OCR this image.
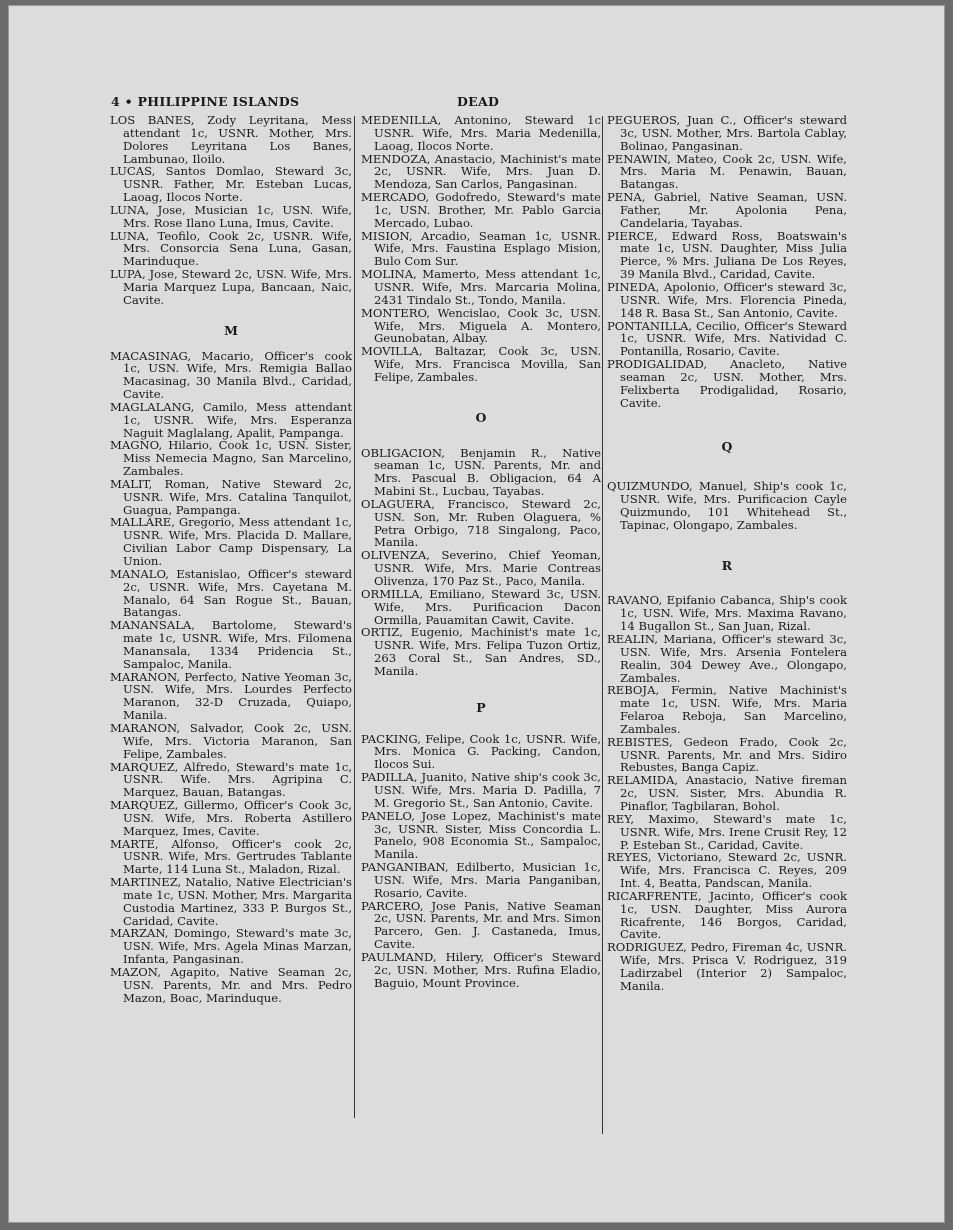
4 • PHILIPPINE ISLANDS	DEAD

LOS BANES, Zody Leyritana, Mess attendant 1c, USNR. Mother, Mrs. Dolores Leyritana Los Banes, Lambunao, Iloilo.

LUCAS, Santos Domlao, Steward 3c, USNR. Father, Mr. Esteban Lucas, Laoag, Ilocos Norte.

LUNA, Jose, Musician 1c, USN. Wife, Mrs. Rose Ilano Luna, Imus, Cavite.

LUNA, Teofilo, Cook 2c, USNR. Wife, Mrs. Consorcia Sena Luna, Gasan, Marinduque.

LUPA, Jose, Steward 2c, USN. Wife, Mrs. Maria Marquez Lupa, Bancaan, Naic, Cavite.

M

MACASINAG, Macario, Officer's cook 1c, USN. Wife, Mrs. Remigia Ballao Macasinag, 30 Manila Blvd., Caridad, Cavite.

MAGLALANG, Camilo, Mess attendant 1c, USNR. Wife, Mrs. Esperanza Naguit Maglalang, Apalit, Pampanga.

MAGNO, Hilario, Cook 1c, USN. Sister, Miss Nemecia Magno, San Marcelino, Zambales.

MALIT, Roman, Native Steward 2c, USNR. Wife, Mrs. Catalina Tanquilot, Guagua, Pampanga.

MALLARE, Gregorio, Mess attendant 1c, USNR. Wife, Mrs. Placida D. Mallare, Civilian Labor Camp Dispensary, La Union.

MANALO, Estanislao, Officer's steward 2c, USNR. Wife, Mrs. Cayetana M. Manalo, 64 San Rogue St., Bauan, Batangas.

MANANSALA, Bartolome, Steward's mate 1c, USNR. Wife, Mrs. Filomena Manansala, 1334 Pridencia St., Sampaloc, Manila.

MARANON, Perfecto, Native Yeoman 3c, USN. Wife, Mrs. Lourdes Perfecto Maranon, 32-D Cruzada, Quiapo, Manila.

MARANON, Salvador, Cook 2c, USN. Wife, Mrs. Victoria Maranon, San Felipe, Zambales.

MARQUEZ, Alfredo, Steward's mate 1c, USNR. Wife. Mrs. Agripina C. Marquez, Bauan, Batangas.

MARQUEZ, Gillermo, Officer's Cook 3c, USN. Wife, Mrs. Roberta Astillero Marquez, Imes, Cavite.

MARTE, Alfonso, Officer's cook 2c, USNR. Wife, Mrs. Gertrudes Tablante Marte, 114 Luna St., Maladon, Rizal.

MARTINEZ, Natalio, Native Electrician's mate 1c, USN. Mother, Mrs. Margarita Custodia Martinez, 333 P. Burgos St., Caridad, Cavite.

MARZAN, Domingo, Steward's mate 3c, USN. Wife, Mrs. Agela Minas Marzan, Infanta, Pangasinan.

MAZON, Agapito, Native Seaman 2c, USN. Parents, Mr. and Mrs. Pedro Mazon, Boac, Marinduque.

MEDENILLA, Antonino, Steward 1c USNR. Wife, Mrs. Maria Medenilla, Laoag, Ilocos Norte.

MENDOZA, Anastacio, Machinist's mate 2c, USNR. Wife, Mrs. Juan D. Mendoza, San Carlos, Pangasinan.

MERCADO, Godofredo, Steward's mate 1c, USN. Brother, Mr. Pablo Garcia Mercado, Lubao.

MISION, Arcadio, Seaman 1c, USNR. Wife, Mrs. Faustina Esplago Mision, Bulo Com Sur.

MOLINA, Mamerto, Mess attendant 1c, USNR. Wife, Mrs. Marcaria Molina, 2431 Tindalo St., Tondo, Manila.

MONTERO, Wencislao, Cook 3c, USN. Wife, Mrs. Miguela A. Montero, Geunobatan, Albay.

MOVILLA, Baltazar, Cook 3c, USN. Wife, Mrs. Francisca Movilla, San Felipe, Zambales.

O

OBLIGACION, Benjamin R., Native seaman 1c, USN. Parents, Mr. and Mrs. Pascual B. Obligacion, 64 A Mabini St., Lucbau, Tayabas.

OLAGUERA, Francisco, Steward 2c, USN. Son, Mr. Ruben Olaguera, % Petra Orbigo, 718 Singalong, Paco, Manila.

OLIVENZA, Severino, Chief Yeoman, USNR. Wife, Mrs. Marie Contreas Olivenza, 170 Paz St., Paco, Manila.

ORMILLA, Emiliano, Steward 3c, USN. Wife, Mrs. Purificacion Dacon Ormilla, Pauamitan Cawit, Cavite.

ORTIZ, Eugenio, Machinist's mate 1c, USNR. Wife, Mrs. Felipa Tuzon Ortiz, 263 Coral St., San Andres, SD., Manila.

P

PACKING, Felipe, Cook 1c, USNR. Wife, Mrs. Monica G. Packing, Candon, Ilocos Sui.

PADILLA, Juanito, Native ship's cook 3c, USN. Wife, Mrs. Maria D. Padilla, 7 M. Gregorio St., San Antonio, Cavite.

PANELO, Jose Lopez, Machinist's mate 3c, USNR. Sister, Miss Concordia L. Panelo, 908 Economia St., Sampaloc, Manila.

PANGANIBAN, Edilberto, Musician 1c, USN. Wife, Mrs. Maria Panganiban, Rosario, Cavite.

PARCERO, Jose Panis, Native Seaman 2c, USN. Parents, Mr. and Mrs. Simon Parcero, Gen. J. Castaneda, Imus, Cavite.

PAULMAND, Hilery, Officer's Steward 2c, USN. Mother, Mrs. Rufina Eladio, Baguio, Mount Province.

PEGUEROS, Juan C., Officer's steward 3c, USN. Mother, Mrs. Bartola Cablay, Bolinao, Pangasinan.

PENAWIN, Mateo, Cook 2c, USN. Wife, Mrs. Maria M. Penawin, Bauan, Batangas.

PENA, Gabriel, Native Seaman, USN. Father, Mr. Apolonia Pena, Candelaria, Tayabas.

PIERCE, Edward Ross, Boatswain's mate 1c, USN. Daughter, Miss Julia Pierce, % Mrs. Juliana De Los Reyes, 39 Manila Blvd., Caridad, Cavite.

PINEDA, Apolonio, Officer's steward 3c, USNR. Wife, Mrs. Florencia Pineda, 148 R. Basa St., San Antonio, Cavite.

PONTANILLA, Cecilio, Officer's Steward 1c, USNR. Wife, Mrs. Natividad C. Pontanilla, Rosario, Cavite.

PRODIGALIDAD, Anacleto, Native seaman 2c, USN. Mother, Mrs. Felixberta Prodigalidad, Rosario, Cavite.

Q

QUIZMUNDO, Manuel, Ship's cook 1c, USNR. Wife, Mrs. Purificacion Cayle Quizmundo, 101 Whitehead St., Tapinac, Olongapo, Zambales.

R

RAVANO, Epifanio Cabanca, Ship's cook 1c, USN. Wife, Mrs. Maxima Ravano, 14 Bugallon St., San Juan, Rizal.

REALIN, Mariana, Officer's steward 3c, USN. Wife, Mrs. Arsenia Fontelera Realin, 304 Dewey Ave., Olongapo, Zambales.

REBOJA, Fermin, Native Machinist's mate 1c, USN. Wife, Mrs. Maria Felaroa Reboja, San Marcelino, Zambales.

REBISTES, Gedeon Frado, Cook 2c, USNR. Parents, Mr. and Mrs. Sidiro Rebustes, Banga Capiz.

RELAMIDA, Anastacio, Native fireman 2c, USN. Sister, Mrs. Abundia R. Pinaflor, Tagbilaran, Bohol.

REY, Maximo, Steward's mate 1c, USNR. Wife, Mrs. Irene Crusit Rey, 12 P. Esteban St., Caridad, Cavite.

REYES, Victoriano, Steward 2c, USNR. Wife, Mrs. Francisca C. Reyes, 209 Int. 4, Beatta, Pandscan, Manila.

RICARFRENTE, Jacinto, Officer's cook 1c, USN. Daughter, Miss Aurora Ricafrente, 146 Borgos, Caridad, Cavite.

RODRIGUEZ, Pedro, Fireman 4c, USNR. Wife, Mrs. Prisca V. Rodriguez, 319 Ladirzabel (Interior 2) Sampaloc, Manila.
